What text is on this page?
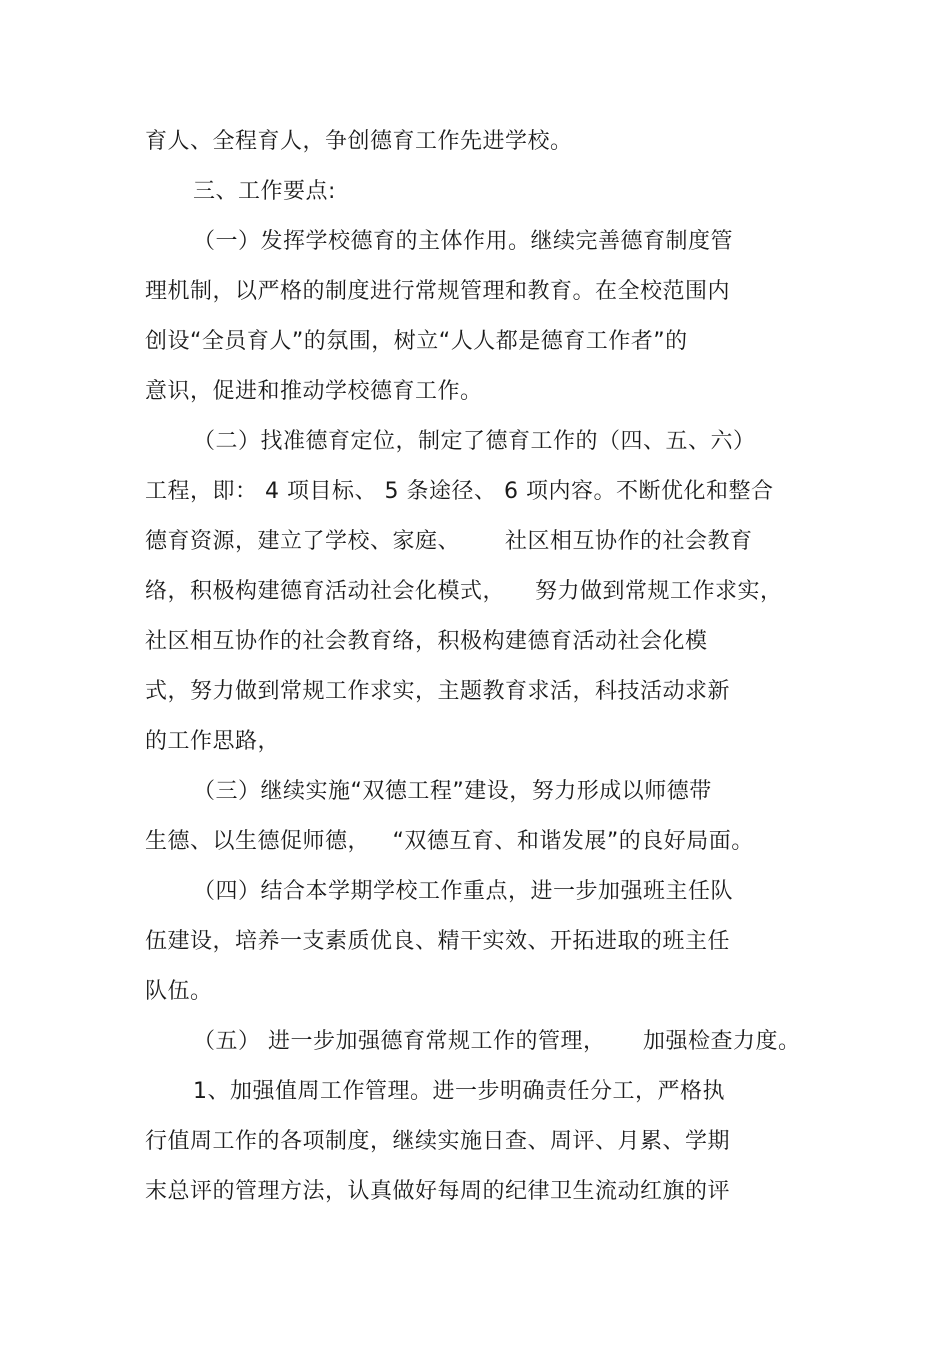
育人、全程育人，争创德育工作先进学校。
三、工作要点:
（一）发挥学校德育的主体作用。继续完善德育制度管
理机制，以严格的制度进行常规管理和教育。在全校范围内
创设“全员育人”的氛围，树立“人人都是德育工作者”的
意识，促进和推动学校德育工作。
（二）找准德育定位，制定了德育工作的（四、五、六）
工程，即： 4 项目标、 5 条途径、 6 项内容。不断优化和整合
德育资源，建立了学校、家庭、      社区相互协作的社会教育
络，积极构建德育活动社会化模式，    努力做到常规工作求实，
社区相互协作的社会教育络，积极构建德育活动社会化模
式，努力做到常规工作求实，主题教育求活，科技活动求新
的工作思路，
（三）继续实施“双德工程”建设，努力形成以师德带
生德、以生德促师德，   “双德互育、和谐发展”的良好局面。
（四）结合本学期学校工作重点，进一步加强班主任队
伍建设，培养一支素质优良、精干实效、开拓进取的班主任
队伍。
（五） 进一步加强德育常规工作的管理，     加强检查力度。
1、加强值周工作管理。进一步明确责任分工，严格执
行值周工作的各项制度，继续实施日查、周评、月累、学期
末总评的管理方法，认真做好每周的纪律卫生流动红旗的评
